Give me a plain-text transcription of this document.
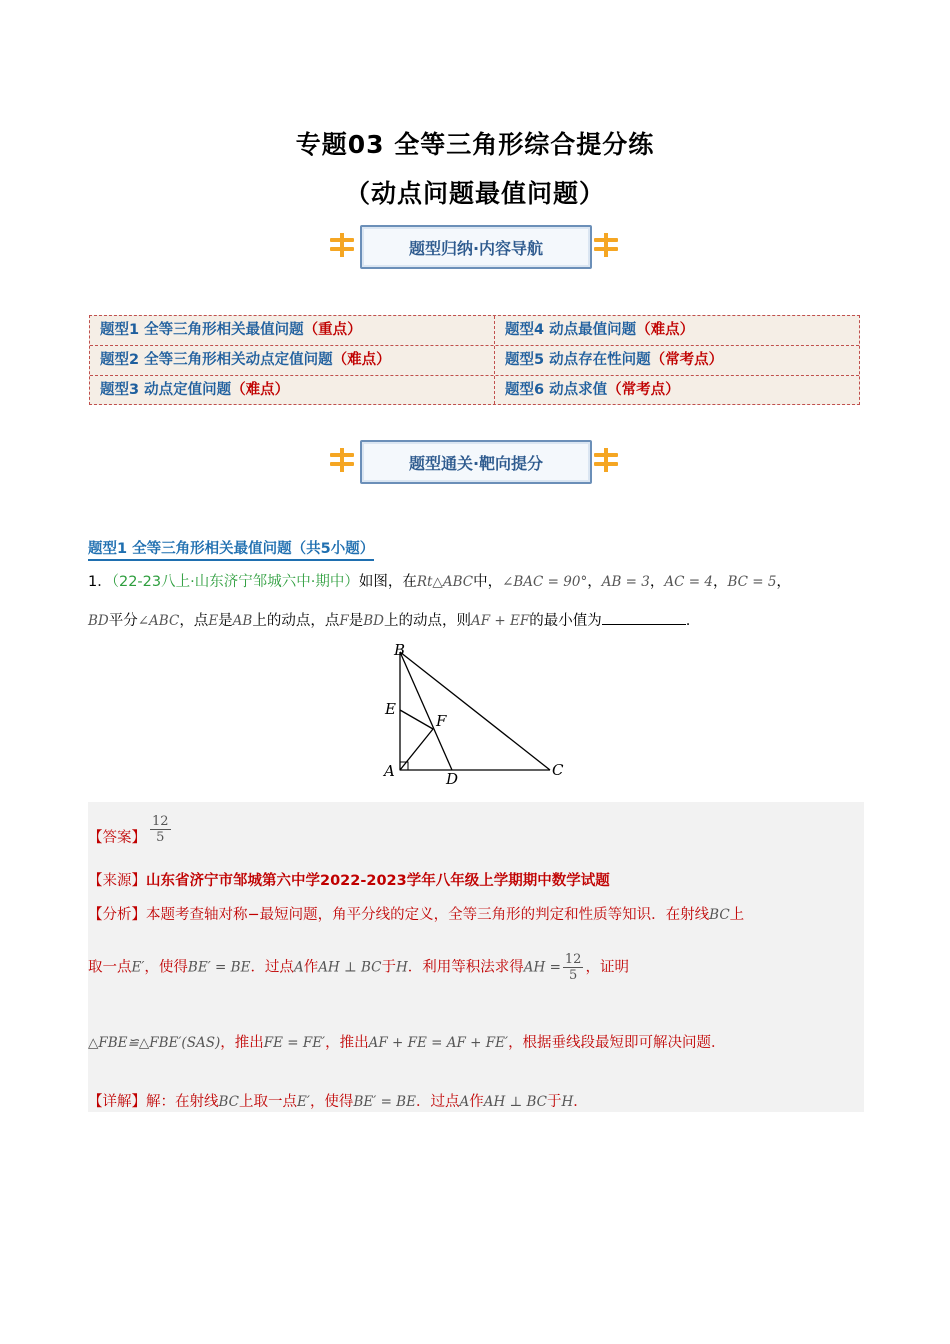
专题03 全等三角形综合提分练
（动点问题最值问题）
题型归纳·内容导航
题型1 全等三角形相关最值问题（重点）	题型4 动点最值问题（难点）
题型2 全等三角形相关动点定值问题（难点）	题型5 动点存在性问题（常考点）
题型3 动点定值问题（难点）	题型6 动点求值（常考点）
题型通关·靶向提分
题型1 全等三角形相关最值问题（共5小题）
1．（22-23八上·山东济宁邹城六中·期中）如图，在Rt△ABC中，∠BAC = 90°，AB = 3，AC = 4，BC = 5，
BD平分∠ABC，点E是AB上的动点，点F是BD上的动点，则AF + EF的最小值为	.
B
E
F
A	D	C
【答案】 $\frac{12}{5}$
【来源】山东省济宁市邹城第六中学2022-2023学年八年级上学期期中数学试题
【分析】本题考查轴对称−最短问题，角平分线的定义，全等三角形的判定和性质等知识．在射线BC上
取一点E′，使得BE′ = BE．过点A作AH ⊥ BC于H．利用等积法求得AH = $\frac{12}{5}$ ，证明
△FBE≌△FBE′(SAS)，推出FE = FE′，推出AF + FE = AF + FE′，根据垂线段最短即可解决问题．
【详解】解：在射线BC上取一点E′，使得BE′ = BE．过点A作AH ⊥ BC于H．
